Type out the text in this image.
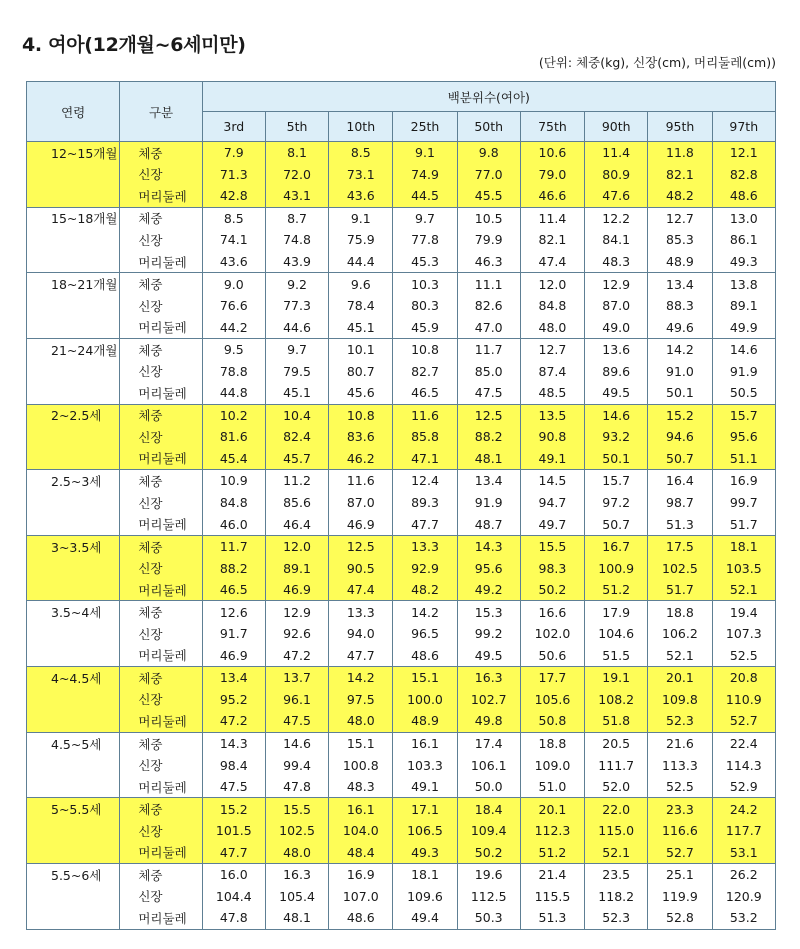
4. 여아(12개월~6세미만)

(단위: 체중(kg), 신장(cm), 머리둘레(cm))

연령	구분	백분위수(여아)								
		3rd	5th	10th	25th	50th	75th	90th	95th	97th
12~15개월	체중	7.9	8.1	8.5	9.1	9.8	10.6	11.4	11.8	12.1
	신장	71.3	72.0	73.1	74.9	77.0	79.0	80.9	82.1	82.8
	머리둘레	42.8	43.1	43.6	44.5	45.5	46.6	47.6	48.2	48.6
15~18개월	체중	8.5	8.7	9.1	9.7	10.5	11.4	12.2	12.7	13.0
	신장	74.1	74.8	75.9	77.8	79.9	82.1	84.1	85.3	86.1
	머리둘레	43.6	43.9	44.4	45.3	46.3	47.4	48.3	48.9	49.3
18~21개월	체중	9.0	9.2	9.6	10.3	11.1	12.0	12.9	13.4	13.8
	신장	76.6	77.3	78.4	80.3	82.6	84.8	87.0	88.3	89.1
	머리둘레	44.2	44.6	45.1	45.9	47.0	48.0	49.0	49.6	49.9
21~24개월	체중	9.5	9.7	10.1	10.8	11.7	12.7	13.6	14.2	14.6
	신장	78.8	79.5	80.7	82.7	85.0	87.4	89.6	91.0	91.9
	머리둘레	44.8	45.1	45.6	46.5	47.5	48.5	49.5	50.1	50.5
2~2.5세	체중	10.2	10.4	10.8	11.6	12.5	13.5	14.6	15.2	15.7
	신장	81.6	82.4	83.6	85.8	88.2	90.8	93.2	94.6	95.6
	머리둘레	45.4	45.7	46.2	47.1	48.1	49.1	50.1	50.7	51.1
2.5~3세	체중	10.9	11.2	11.6	12.4	13.4	14.5	15.7	16.4	16.9
	신장	84.8	85.6	87.0	89.3	91.9	94.7	97.2	98.7	99.7
	머리둘레	46.0	46.4	46.9	47.7	48.7	49.7	50.7	51.3	51.7
3~3.5세	체중	11.7	12.0	12.5	13.3	14.3	15.5	16.7	17.5	18.1
	신장	88.2	89.1	90.5	92.9	95.6	98.3	100.9	102.5	103.5
	머리둘레	46.5	46.9	47.4	48.2	49.2	50.2	51.2	51.7	52.1
3.5~4세	체중	12.6	12.9	13.3	14.2	15.3	16.6	17.9	18.8	19.4
	신장	91.7	92.6	94.0	96.5	99.2	102.0	104.6	106.2	107.3
	머리둘레	46.9	47.2	47.7	48.6	49.5	50.6	51.5	52.1	52.5
4~4.5세	체중	13.4	13.7	14.2	15.1	16.3	17.7	19.1	20.1	20.8
	신장	95.2	96.1	97.5	100.0	102.7	105.6	108.2	109.8	110.9
	머리둘레	47.2	47.5	48.0	48.9	49.8	50.8	51.8	52.3	52.7
4.5~5세	체중	14.3	14.6	15.1	16.1	17.4	18.8	20.5	21.6	22.4
	신장	98.4	99.4	100.8	103.3	106.1	109.0	111.7	113.3	114.3
	머리둘레	47.5	47.8	48.3	49.1	50.0	51.0	52.0	52.5	52.9
5~5.5세	체중	15.2	15.5	16.1	17.1	18.4	20.1	22.0	23.3	24.2
	신장	101.5	102.5	104.0	106.5	109.4	112.3	115.0	116.6	117.7
	머리둘레	47.7	48.0	48.4	49.3	50.2	51.2	52.1	52.7	53.1
5.5~6세	체중	16.0	16.3	16.9	18.1	19.6	21.4	23.5	25.1	26.2
	신장	104.4	105.4	107.0	109.6	112.5	115.5	118.2	119.9	120.9
	머리둘레	47.8	48.1	48.6	49.4	50.3	51.3	52.3	52.8	53.2
